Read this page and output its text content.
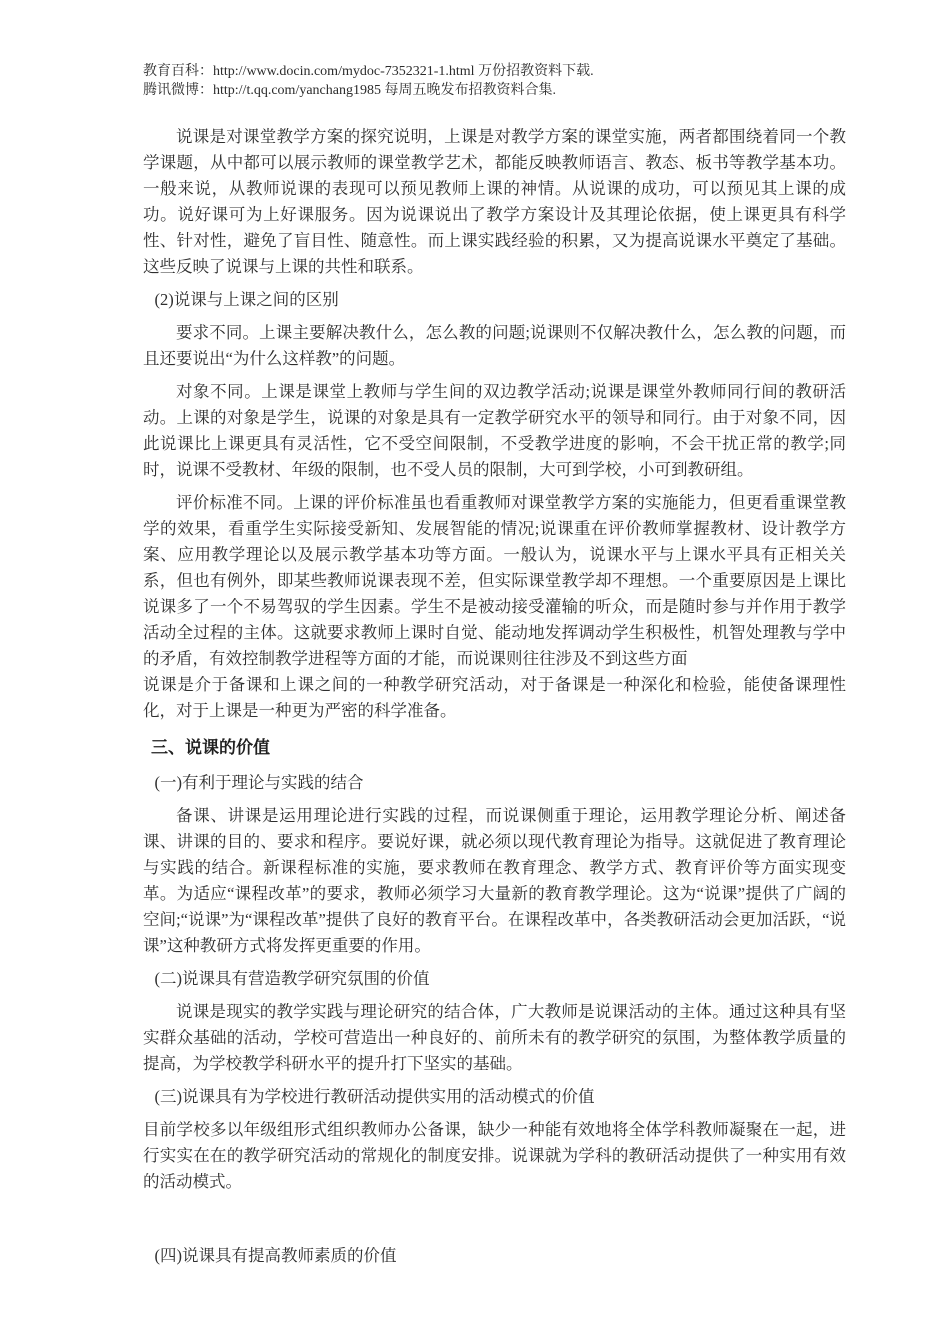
教育百科：http://www.docin.com/mydoc-7352321-1.html 万份招教资料下载.
腾讯微博：http://t.qq.com/yanchang1985 每周五晚发布招教资料合集.

说课是对课堂教学方案的探究说明，上课是对教学方案的课堂实施，两者都围绕着同一个教学课题，从中都可以展示教师的课堂教学艺术，都能反映教师语言、教态、板书等教学基本功。一般来说，从教师说课的表现可以预见教师上课的神情。从说课的成功，可以预见其上课的成功。说好课可为上好课服务。因为说课说出了教学方案设计及其理论依据，使上课更具有科学性、针对性，避免了盲目性、随意性。而上课实践经验的积累，又为提高说课水平奠定了基础。这些反映了说课与上课的共性和联系。

(2)说课与上课之间的区别

要求不同。上课主要解决教什么，怎么教的问题;说课则不仅解决教什么，怎么教的问题，而且还要说出“为什么这样教”的问题。

对象不同。上课是课堂上教师与学生间的双边教学活动;说课是课堂外教师同行间的教研活动。上课的对象是学生，说课的对象是具有一定教学研究水平的领导和同行。由于对象不同，因此说课比上课更具有灵活性，它不受空间限制，不受教学进度的影响，不会干扰正常的教学;同时，说课不受教材、年级的限制，也不受人员的限制，大可到学校，小可到教研组。

评价标准不同。上课的评价标准虽也看重教师对课堂教学方案的实施能力，但更看重课堂教学的效果，看重学生实际接受新知、发展智能的情况;说课重在评价教师掌握教材、设计教学方案、应用教学理论以及展示教学基本功等方面。一般认为，说课水平与上课水平具有正相关关系，但也有例外，即某些教师说课表现不差，但实际课堂教学却不理想。一个重要原因是上课比说课多了一个不易驾驭的学生因素。学生不是被动接受灌输的听众，而是随时参与并作用于教学活动全过程的主体。这就要求教师上课时自觉、能动地发挥调动学生积极性，机智处理教与学中的矛盾，有效控制教学进程等方面的才能，而说课则往往涉及不到这些方面

说课是介于备课和上课之间的一种教学研究活动，对于备课是一种深化和检验，能使备课理性化，对于上课是一种更为严密的科学准备。

三、说课的价值

(一)有利于理论与实践的结合

备课、讲课是运用理论进行实践的过程，而说课侧重于理论，运用教学理论分析、阐述备课、讲课的目的、要求和程序。要说好课，就必须以现代教育理论为指导。这就促进了教育理论与实践的结合。新课程标准的实施，要求教师在教育理念、教学方式、教育评价等方面实现变革。为适应“课程改革”的要求，教师必须学习大量新的教育教学理论。这为“说课”提供了广阔的空间;“说课”为“课程改革”提供了良好的教育平台。在课程改革中，各类教研活动会更加活跃，“说课”这种教研方式将发挥更重要的作用。

(二)说课具有营造教学研究氛围的价值

说课是现实的教学实践与理论研究的结合体，广大教师是说课活动的主体。通过这种具有坚实群众基础的活动，学校可营造出一种良好的、前所未有的教学研究的氛围，为整体教学质量的提高，为学校教学科研水平的提升打下坚实的基础。

(三)说课具有为学校进行教研活动提供实用的活动模式的价值

目前学校多以年级组形式组织教师办公备课，缺少一种能有效地将全体学科教师凝聚在一起，进行实实在在的教学研究活动的常规化的制度安排。说课就为学科的教研活动提供了一种实用有效的活动模式。

(四)说课具有提高教师素质的价值
